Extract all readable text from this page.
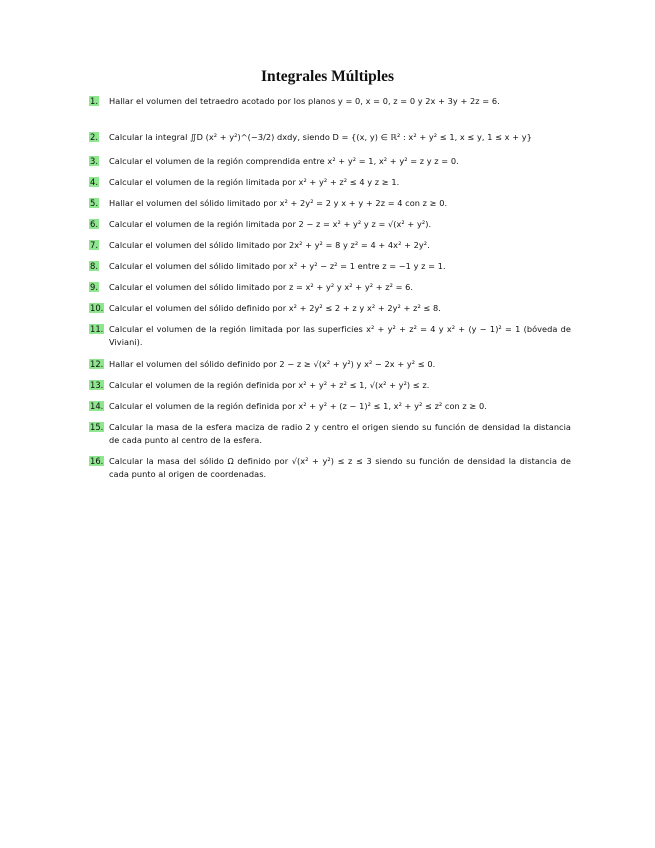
Integrales Múltiples
1.	Hallar el volumen del tetraedro acotado por los planos y = 0, x = 0, z = 0 y 2x + 3y + 2z = 6.
2.	Calcular la integral ∬D (x² + y²)^(−3/2) dxdy, siendo D = {(x, y) ∈ ℝ² : x² + y² ≤ 1, x ≤ y, 1 ≤ x + y}
3.	Calcular el volumen de la región comprendida entre x² + y² = 1, x² + y² = z y z = 0.
4.	Calcular el volumen de la región limitada por x² + y² + z² ≤ 4 y z ≥ 1.
5.	Hallar el volumen del sólido limitado por x² + 2y² = 2 y x + y + 2z = 4 con z ≥ 0.
6.	Calcular el volumen de la región limitada por 2 − z = x² + y² y z = √(x² + y²).
7.	Calcular el volumen del sólido limitado por 2x² + y² = 8 y z² = 4 + 4x² + 2y².
8.	Calcular el volumen del sólido limitado por x² + y² − z² = 1 entre z = −1 y z = 1.
9.	Calcular el volumen del sólido limitado por z = x² + y² y x² + y² + z² = 6.
10. Calcular el volumen del sólido definido por x² + 2y² ≤ 2 + z y x² + 2y² + z² ≤ 8.
11. Calcular el volumen de la región limitada por las superficies x² + y² + z² = 4 y x² + (y − 1)² = 1 (bóveda de Viviani).
12. Hallar el volumen del sólido definido por 2 − z ≥ √(x² + y²) y x² − 2x + y² ≤ 0.
13. Calcular el volumen de la región definida por x² + y² + z² ≤ 1, √(x² + y²) ≤ z.
14. Calcular el volumen de la región definida por x² + y² + (z − 1)² ≤ 1, x² + y² ≤ z² con z ≥ 0.
15. Calcular la masa de la esfera maciza de radio 2 y centro el origen siendo su función de densidad la distancia de cada punto al centro de la esfera.
16. Calcular la masa del sólido Ω definido por √(x² + y²) ≤ z ≤ 3 siendo su función de densidad la distancia de cada punto al origen de coordenadas.
